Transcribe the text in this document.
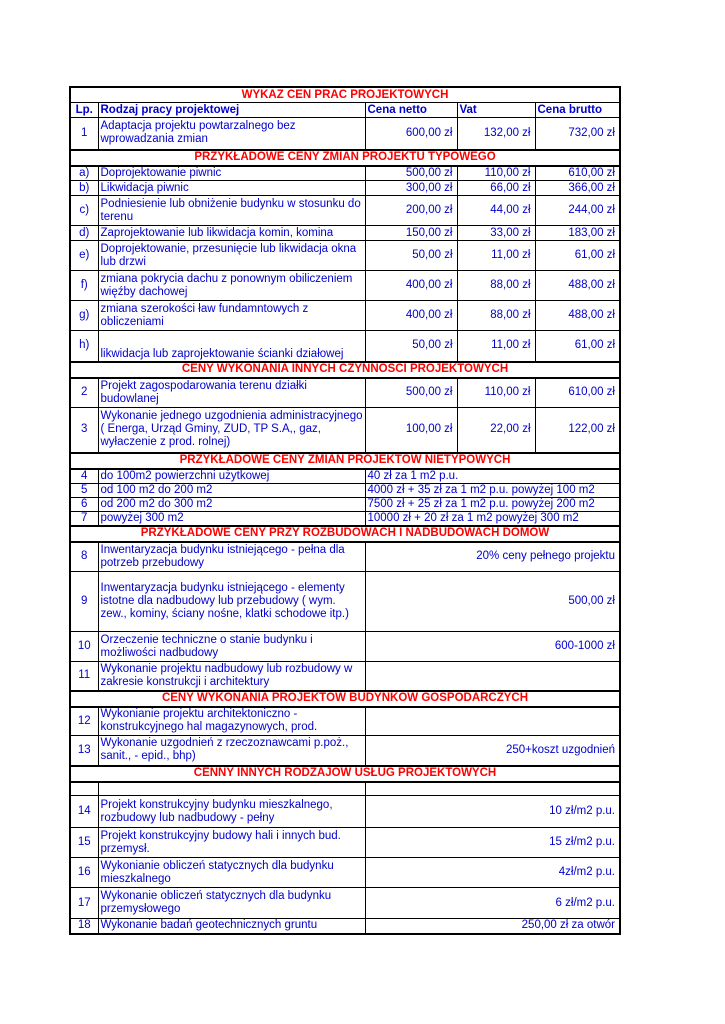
WYKAZ CEN PRAC PROJEKTOWYCH				
Lp.	Rodzaj pracy projektowej	Cena netto	Vat	Cena brutto
1	Adaptacja projektu powtarzalnego bez wprowadzania zmian	600,00 zł	132,00 zł	732,00 zł
PRZYKŁADOWE CENY ZMIAN PROJEKTU TYPOWEGO				
a)	Doprojektowanie piwnic	500,00 zł	110,00 zł	610,00 zł
b)	Likwidacja piwnic	300,00 zł	66,00 zł	366,00 zł
c)	Podniesienie lub obniżenie budynku w stosunku do terenu	200,00 zł	44,00 zł	244,00 zł
d)	Zaprojektowanie lub likwidacja komin, komina	150,00 zł	33,00 zł	183,00 zł
e)	Doprojektowanie, przesunięcie lub likwidacja okna lub drzwi	50,00 zł	11,00 zł	61,00 zł
f)	zmiana pokrycia dachu z ponownym obiliczeniem więźby dachowej	400,00 zł	88,00 zł	488,00 zł
g)	zmiana szerokości ław fundamntowych z obliczeniami	400,00 zł	88,00 zł	488,00 zł
h)	likwidacja lub zaprojektowanie ścianki działowej	50,00 zł	11,00 zł	61,00 zł
CENY WYKONANIA INNYCH CZYNNOŚCI PROJEKTOWYCH				
2	Projekt zagospodarowania terenu działki budowlanej	500,00 zł	110,00 zł	610,00 zł
3	Wykonanie jednego uzgodnienia administracyjnego ( Energa, Urząd Gminy, ZUD, TP S.A,, gaz, wyłaczenie z prod. rolnej)	100,00 zł	22,00 zł	122,00 zł
PRZYKŁADOWE CENY ZMIAN PROJEKTÓW NIETYPOWYCH				
4	do 100m2 powierzchni użytkowej	40 zł za 1 m2 p.u.		
5	od 100 m2 do 200 m2	4000 zł + 35 zł za 1 m2 p.u. powyżej 100 m2		
6	od 200 m2 do 300 m2	7500 zł + 25 zł za 1 m2 p.u. powyżej 200 m2		
7	powyżej 300 m2	10000 zł + 20 zł za 1 m2 powyżej 300 m2		
PRZYKŁADOWE CENY PRZY ROZBUDOWACH I NADBUDOWACH DOMÓW				
8	Inwentaryzacja budynku istniejącego - pełna dla potrzeb przebudowy	20% ceny pełnego projektu		
9	Inwentaryzacja budynku istniejącego - elementy istotne dla nadbudowy lub przebudowy ( wym. zew., kominy, ściany nośne, klatki schodowe itp.)	500,00 zł		
10	Orzeczenie techniczne o stanie budynku i możliwości nadbudowy	600-1000 zł		
11	Wykonanie projektu nadbudowy lub rozbudowy w zakresie konstrukcji i architektury			
CENY WYKONANIA PROJEKTÓW BUDYNKÓW GOSPODARCZYCH				
12	Wykonianie projektu architektoniczno - konstrukcyjnego hal magazynowych, prod.			
13	Wykonanie uzgodnień z rzeczoznawcami p.poż., sanit., - epid., bhp)	250+koszt uzgodnień		
CENNY INNYCH RODZAJÓW USŁUG PROJEKTOWYCH				

14	Projekt konstrukcyjny budynku mieszkalnego, rozbudowy lub nadbudowy - pełny	10 zł/m2 p.u.		
15	Projekt konstrukcyjny budowy hali i innych bud. przemysł.	15 zł/m2 p.u.		
16	Wykonianie obliczeń statycznych dla budynku mieszkalnego	4zł/m2 p.u.		
17	Wykonanie obliczeń statycznych dla budynku przemysłowego	6 zł/m2 p.u.		
18	Wykonanie badań geotechnicznych gruntu	250,00 zł za otwór		
